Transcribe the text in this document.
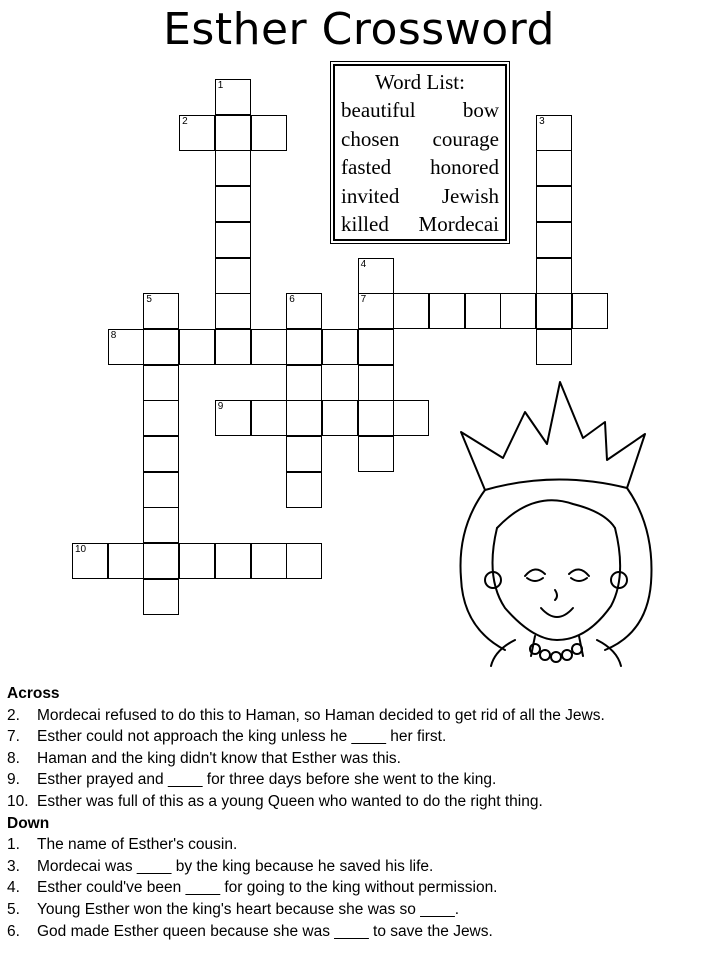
Esther Crossword
1
2	3
4
7
5	6
8
9
10
Word List:
beautiful bow
chosen courage
fasted honored
invited Jewish
killed Mordecai
Across
2. Mordecai refused to do this to Haman, so Haman decided to get rid of all the Jews.
7. Esther could not approach the king unless he ____ her first.
8. Haman and the king didn't know that Esther was this.
9. Esther prayed and ____ for three days before she went to the king.
10. Esther was full of this as a young Queen who wanted to do the right thing.
Down
1. The name of Esther's cousin.
3. Mordecai was ____ by the king because he saved his life.
4. Esther could've been ____ for going to the king without permission.
5. Young Esther won the king's heart because she was so ____.
6. God made Esther queen because she was ____ to save the Jews.
